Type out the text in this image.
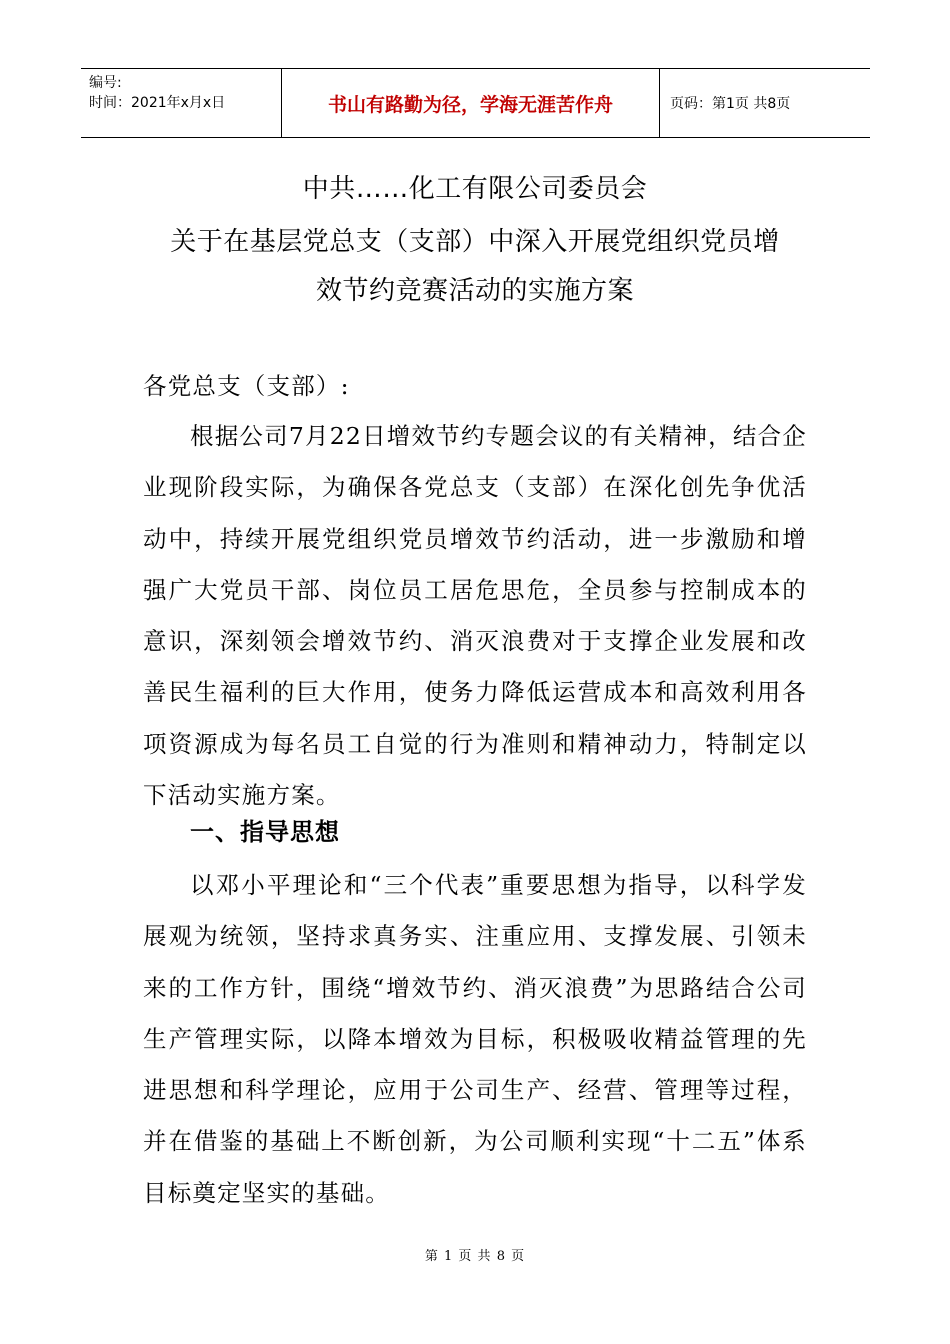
编号:
时间：2021年x月x日	书山有路勤为径，学海无涯苦作舟	页码：第1页 共8页
中共……化工有限公司委员会
关于在基层党总支（支部）中深入开展党组织党员增
效节约竞赛活动的实施方案

各党总支（支部）:

根据公司7月22日增效节约专题会议的有关精神，结合企业现阶段实际，为确保各党总支（支部）在深化创先争优活动中，持续开展党组织党员增效节约活动，进一步激励和增强广大党员干部、岗位员工居危思危，全员参与控制成本的意识，深刻领会增效节约、消灭浪费对于支撑企业发展和改善民生福利的巨大作用，使务力降低运营成本和高效利用各项资源成为每名员工自觉的行为准则和精神动力，特制定以下活动实施方案。

一、指导思想

以邓小平理论和“三个代表”重要思想为指导，以科学发展观为统领，坚持求真务实、注重应用、支撑发展、引领未来的工作方针，围绕“增效节约、消灭浪费”为思路结合公司生产管理实际，以降本增效为目标，积极吸收精益管理的先进思想和科学理论，应用于公司生产、经营、管理等过程，并在借鉴的基础上不断创新，为公司顺利实现“十二五”体系目标奠定坚实的基础。

第 1 页 共 8 页
